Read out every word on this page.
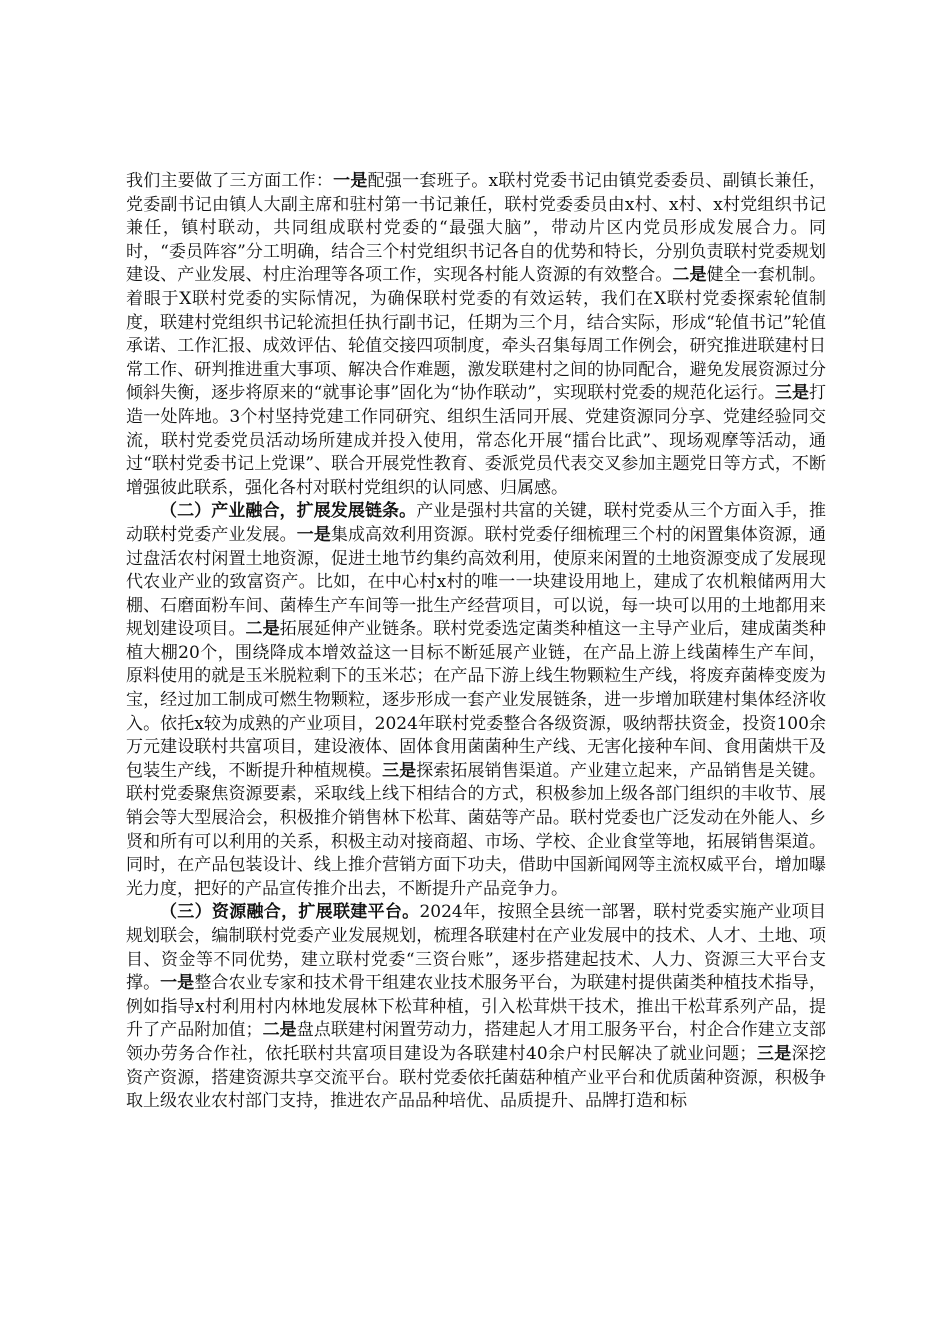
我们主要做了三方面工作：一是配强一套班子。x联村党委书记由镇党委委员、副镇长兼任，党委副书记由镇人大副主席和驻村第一书记兼任，联村党委委员由x村、x村、x村党组织书记兼任，镇村联动，共同组成联村党委的“最强大脑”，带动片区内党员形成发展合力。同时，“委员阵容”分工明确，结合三个村党组织书记各自的优势和特长，分别负责联村党委规划建设、产业发展、村庄治理等各项工作，实现各村能人资源的有效整合。二是健全一套机制。着眼于X联村党委的实际情况，为确保联村党委的有效运转，我们在X联村党委探索轮值制度，联建村党组织书记轮流担任执行副书记，任期为三个月，结合实际，形成“轮值书记”轮值承诺、工作汇报、成效评估、轮值交接四项制度，牵头召集每周工作例会，研究推进联建村日常工作、研判推进重大事项、解决合作难题，激发联建村之间的协同配合，避免发展资源过分倾斜失衡，逐步将原来的“就事论事”固化为“协作联动”，实现联村党委的规范化运行。三是打造一处阵地。3个村坚持党建工作同研究、组织生活同开展、党建资源同分享、党建经验同交流，联村党委党员活动场所建成并投入使用，常态化开展“擂台比武”、现场观摩等活动，通过“联村党委书记上党课”、联合开展党性教育、委派党员代表交叉参加主题党日等方式，不断增强彼此联系，强化各村对联村党组织的认同感、归属感。

（二）产业融合，扩展发展链条。产业是强村共富的关键，联村党委从三个方面入手，推动联村党委产业发展。一是集成高效利用资源。联村党委仔细梳理三个村的闲置集体资源，通过盘活农村闲置土地资源，促进土地节约集约高效利用，使原来闲置的土地资源变成了发展现代农业产业的致富资产。比如，在中心村x村的唯一一块建设用地上，建成了农机粮储两用大棚、石磨面粉车间、菌棒生产车间等一批生产经营项目，可以说，每一块可以用的土地都用来规划建设项目。二是拓展延伸产业链条。联村党委选定菌类种植这一主导产业后，建成菌类种植大棚20个，围绕降成本增效益这一目标不断延展产业链，在产品上游上线菌棒生产车间，原料使用的就是玉米脱粒剩下的玉米芯；在产品下游上线生物颗粒生产线，将废弃菌棒变废为宝，经过加工制成可燃生物颗粒，逐步形成一套产业发展链条，进一步增加联建村集体经济收入。依托x较为成熟的产业项目，2024年联村党委整合各级资源，吸纳帮扶资金，投资100余万元建设联村共富项目，建设液体、固体食用菌菌种生产线、无害化接种车间、食用菌烘干及包装生产线，不断提升种植规模。三是探索拓展销售渠道。产业建立起来，产品销售是关键。联村党委聚焦资源要素，采取线上线下相结合的方式，积极参加上级各部门组织的丰收节、展销会等大型展洽会，积极推介销售林下松茸、菌菇等产品。联村党委也广泛发动在外能人、乡贤和所有可以利用的关系，积极主动对接商超、市场、学校、企业食堂等地，拓展销售渠道。同时，在产品包装设计、线上推介营销方面下功夫，借助中国新闻网等主流权威平台，增加曝光力度，把好的产品宣传推介出去，不断提升产品竞争力。

（三）资源融合，扩展联建平台。2024年，按照全县统一部署，联村党委实施产业项目规划联会，编制联村党委产业发展规划，梳理各联建村在产业发展中的技术、人才、土地、项目、资金等不同优势，建立联村党委“三资台账”，逐步搭建起技术、人力、资源三大平台支撑。一是整合农业专家和技术骨干组建农业技术服务平台，为联建村提供菌类种植技术指导，例如指导x村利用村内林地发展林下松茸种植，引入松茸烘干技术，推出干松茸系列产品，提升了产品附加值；二是盘点联建村闲置劳动力，搭建起人才用工服务平台，村企合作建立支部领办劳务合作社，依托联村共富项目建设为各联建村40余户村民解决了就业问题；三是深挖资产资源，搭建资源共享交流平台。联村党委依托菌菇种植产业平台和优质菌种资源，积极争取上级农业农村部门支持，推进农产品品种培优、品质提升、品牌打造和标
